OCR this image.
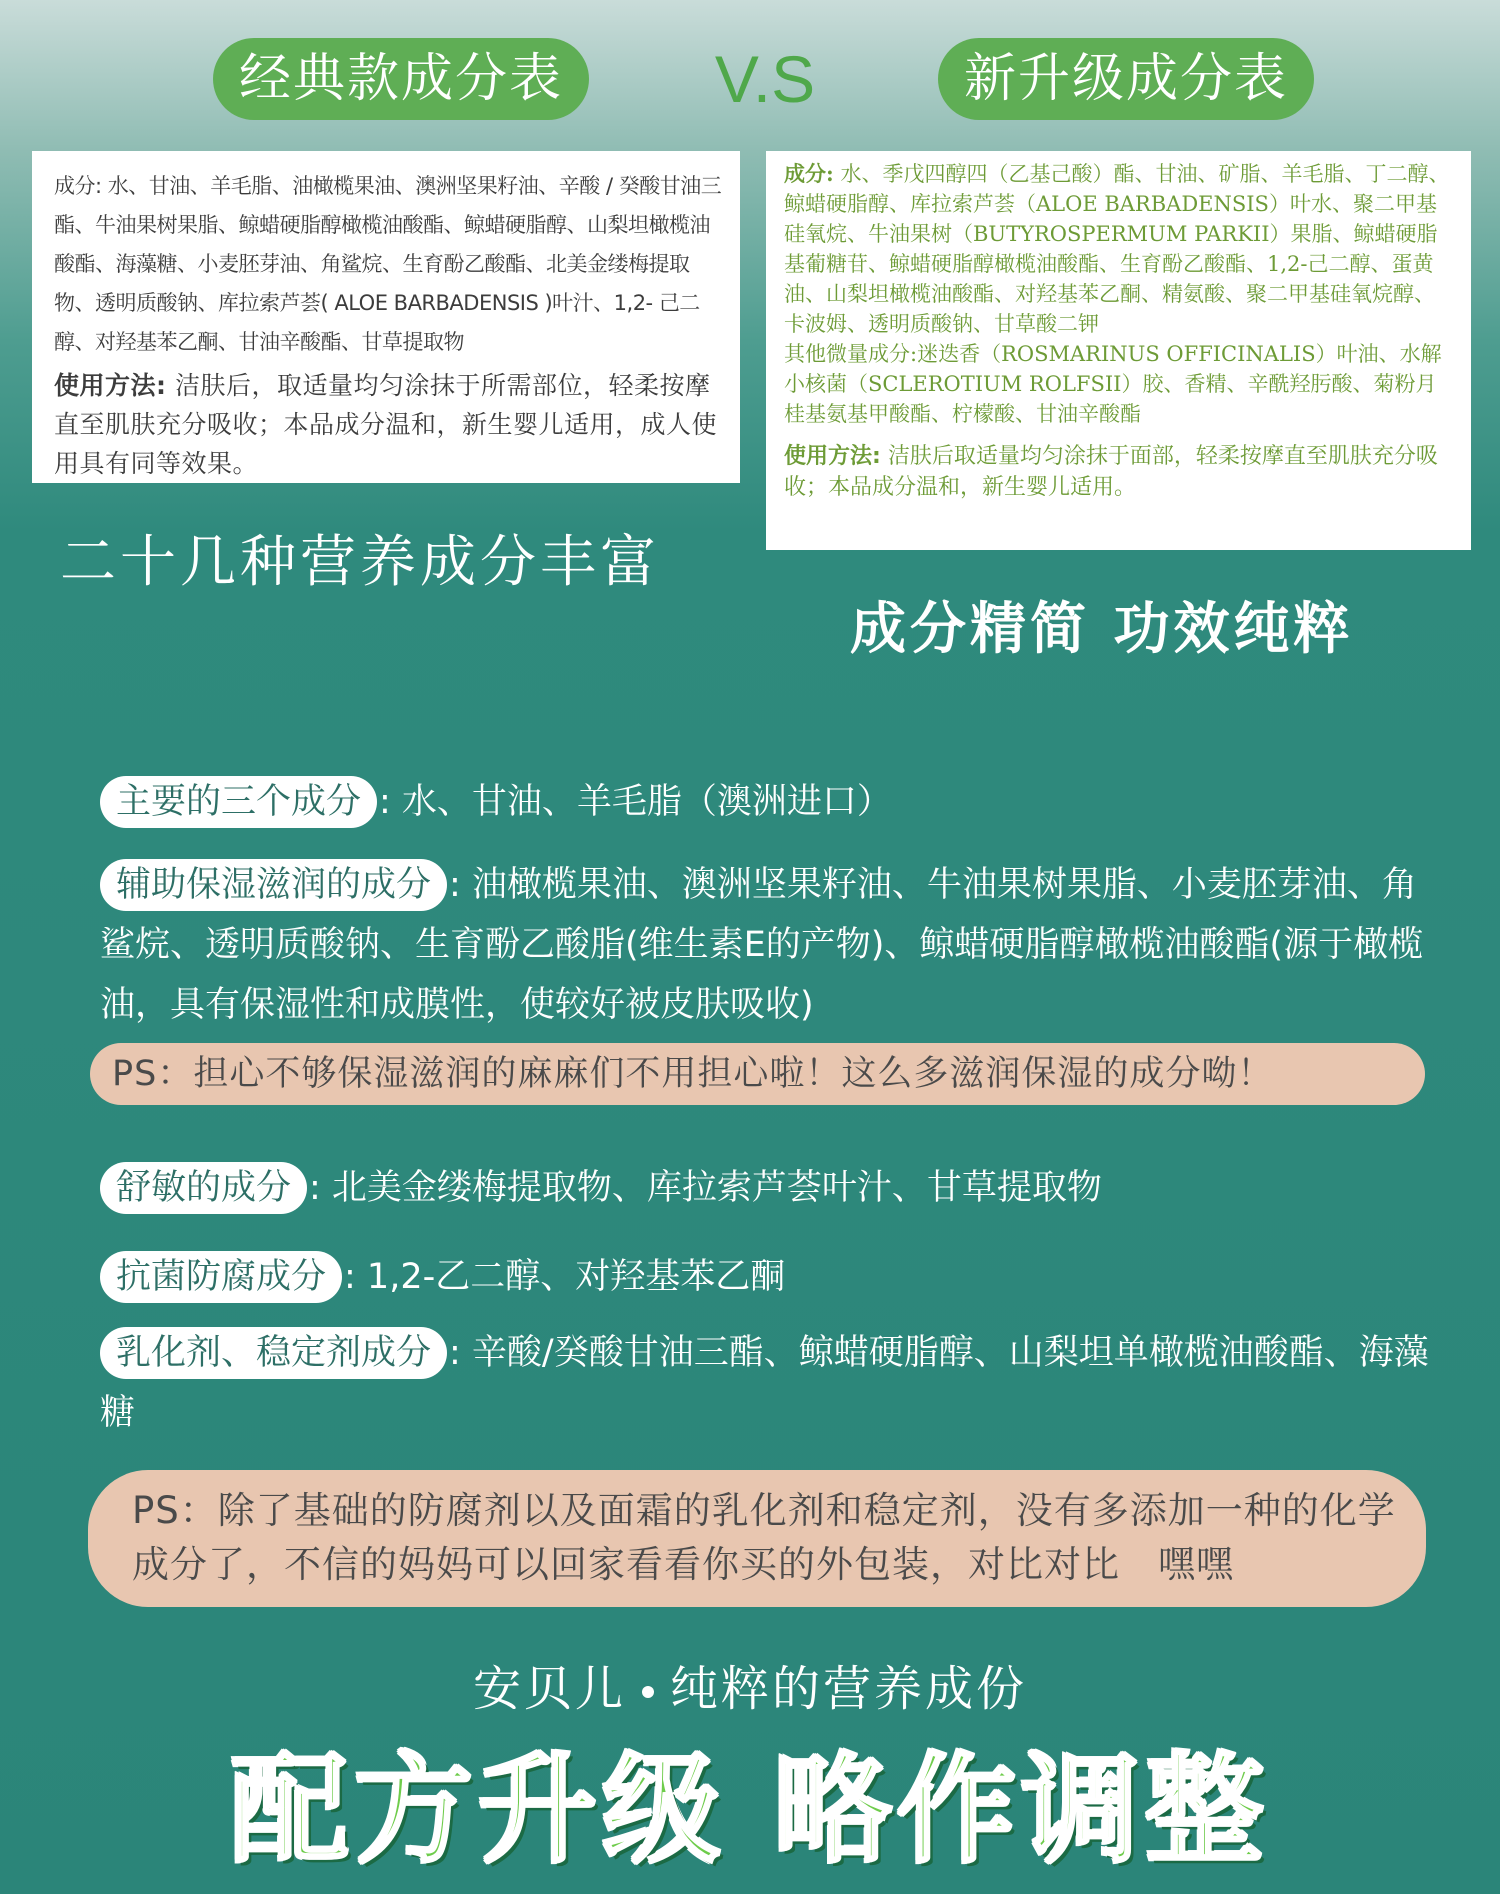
经典款成分表	V.S	新升级成分表

成分: 水、甘油、羊毛脂、油橄榄果油、澳洲坚果籽油、辛酸 / 癸酸甘油三酯、牛油果树果脂、鲸蜡硬脂醇橄榄油酸酯、鲸蜡硬脂醇、山梨坦橄榄油酸酯、海藻糖、小麦胚芽油、角鲨烷、生育酚乙酸酯、北美金缕梅提取物、透明质酸钠、库拉索芦荟( ALOE BARBADENSIS )叶汁、1,2- 己二醇、对羟基苯乙酮、甘油辛酸酯、甘草提取物

使用方法: 洁肤后，取适量均匀涂抹于所需部位，轻柔按摩直至肌肤充分吸收；本品成分温和，新生婴儿适用，成人使用具有同等效果。

成分: 水、季戊四醇四（乙基己酸）酯、甘油、矿脂、羊毛脂、丁二醇、鲸蜡硬脂醇、库拉索芦荟（ALOE BARBADENSIS）叶水、聚二甲基硅氧烷、牛油果树（BUTYROSPERMUM PARKII）果脂、鲸蜡硬脂基葡糖苷、鲸蜡硬脂醇橄榄油酸酯、生育酚乙酸酯、1,2-己二醇、蛋黄油、山梨坦橄榄油酸酯、对羟基苯乙酮、精氨酸、聚二甲基硅氧烷醇、卡波姆、透明质酸钠、甘草酸二钾

其他微量成分:迷迭香（ROSMARINUS OFFICINALIS）叶油、水解小核菌（SCLEROTIUM ROLFSII）胶、香精、辛酰羟肟酸、菊粉月桂基氨基甲酸酯、柠檬酸、甘油辛酸酯

使用方法: 洁肤后取适量均匀涂抹于面部，轻柔按摩直至肌肤充分吸收；本品成分温和，新生婴儿适用。

二十几种营养成分丰富
成分精简 功效纯粹
主要的三个成分 : 水、甘油、羊毛脂（澳洲进口）
辅助保湿滋润的成分 : 油橄榄果油、澳洲坚果籽油、牛油果树果脂、小麦胚芽油、角鲨烷、透明质酸钠、生育酚乙酸脂(维生素E的产物)、鲸蜡硬脂醇橄榄油酸酯(源于橄榄油，具有保湿性和成膜性，使较好被皮肤吸收)
PS：担心不够保湿滋润的麻麻们不用担心啦！这么多滋润保湿的成分呦！
舒敏的成分 : 北美金缕梅提取物、库拉索芦荟叶汁、甘草提取物
抗菌防腐成分 : 1,2-乙二醇、对羟基苯乙酮
乳化剂、稳定剂成分 : 辛酸/癸酸甘油三酯、鲸蜡硬脂醇、山梨坦单橄榄油酸酯、海藻糖
PS：除了基础的防腐剂以及面霜的乳化剂和稳定剂，没有多添加一种的化学成分了，不信的妈妈可以回家看看你买的外包装，对比对比　嘿嘿
安贝儿 纯粹的营养成份
配方升级 略作调整
